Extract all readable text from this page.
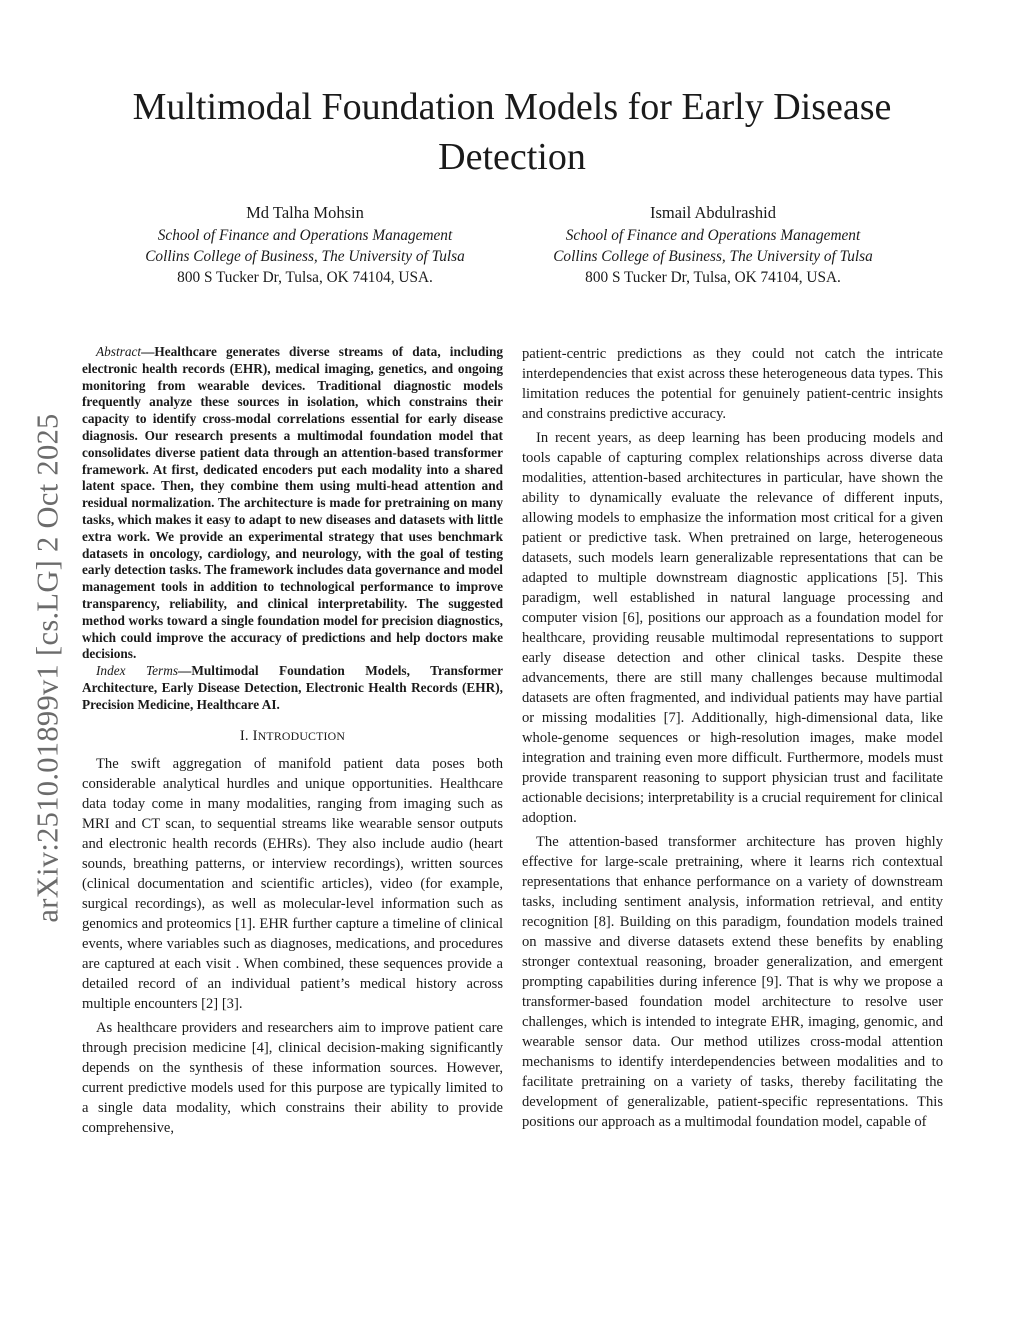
Multimodal Foundation Models for Early Disease Detection
Md Talha Mohsin
School of Finance and Operations Management
Collins College of Business, The University of Tulsa
800 S Tucker Dr, Tulsa, OK 74104, USA.
Ismail Abdulrashid
School of Finance and Operations Management
Collins College of Business, The University of Tulsa
800 S Tucker Dr, Tulsa, OK 74104, USA.
arXiv:2510.01899v1 [cs.LG] 2 Oct 2025

Abstract—Healthcare generates diverse streams of data, including electronic health records (EHR), medical imaging, genetics, and ongoing monitoring from wearable devices. Traditional diagnostic models frequently analyze these sources in isolation, which constrains their capacity to identify cross-modal correlations essential for early disease diagnosis. Our research presents a multimodal foundation model that consolidates diverse patient data through an attention-based transformer framework. At first, dedicated encoders put each modality into a shared latent space. Then, they combine them using multi-head attention and residual normalization. The architecture is made for pretraining on many tasks, which makes it easy to adapt to new diseases and datasets with little extra work. We provide an experimental strategy that uses benchmark datasets in oncology, cardiology, and neurology, with the goal of testing early detection tasks. The framework includes data governance and model management tools in addition to technological performance to improve transparency, reliability, and clinical interpretability. The suggested method works toward a single foundation model for precision diagnostics, which could improve the accuracy of predictions and help doctors make decisions.

Index Terms—Multimodal Foundation Models, Transformer Architecture, Early Disease Detection, Electronic Health Records (EHR), Precision Medicine, Healthcare AI.

I. INTRODUCTION

The swift aggregation of manifold patient data poses both considerable analytical hurdles and unique opportunities. Healthcare data today come in many modalities, ranging from imaging such as MRI and CT scan, to sequential streams like wearable sensor outputs and electronic health records (EHRs). They also include audio (heart sounds, breathing patterns, or interview recordings), written sources (clinical documentation and scientific articles), video (for example, surgical recordings), as well as molecular-level information such as genomics and proteomics [1]. EHR further capture a timeline of clinical events, where variables such as diagnoses, medications, and procedures are captured at each visit . When combined, these sequences provide a detailed record of an individual patient’s medical history across multiple encounters [2] [3].

As healthcare providers and researchers aim to improve patient care through precision medicine [4], clinical decision-making significantly depends on the synthesis of these information sources. However, current predictive models used for this purpose are typically limited to a single data modality, which constrains their ability to provide comprehensive,

patient-centric predictions as they could not catch the intricate interdependencies that exist across these heterogeneous data types. This limitation reduces the potential for genuinely patient-centric insights and constrains predictive accuracy.

In recent years, as deep learning has been producing models and tools capable of capturing complex relationships across diverse data modalities, attention-based architectures in particular, have shown the ability to dynamically evaluate the relevance of different inputs, allowing models to emphasize the information most critical for a given patient or predictive task. When pretrained on large, heterogeneous datasets, such models learn generalizable representations that can be adapted to multiple downstream diagnostic applications [5]. This paradigm, well established in natural language processing and computer vision [6], positions our approach as a foundation model for healthcare, providing reusable multimodal representations to support early disease detection and other clinical tasks. Despite these advancements, there are still many challenges because multimodal datasets are often fragmented, and individual patients may have partial or missing modalities [7]. Additionally, high-dimensional data, like whole-genome sequences or high-resolution images, make model integration and training even more difficult. Furthermore, models must provide transparent reasoning to support physician trust and facilitate actionable decisions; interpretability is a crucial requirement for clinical adoption.

The attention-based transformer architecture has proven highly effective for large-scale pretraining, where it learns rich contextual representations that enhance performance on a variety of downstream tasks, including sentiment analysis, information retrieval, and entity recognition [8]. Building on this paradigm, foundation models trained on massive and diverse datasets extend these benefits by enabling stronger contextual reasoning, broader generalization, and emergent prompting capabilities during inference [9]. That is why we propose a transformer-based foundation model architecture to resolve user challenges, which is intended to integrate EHR, imaging, genomic, and wearable sensor data. Our method utilizes cross-modal attention mechanisms to identify interdependencies between modalities and to facilitate pretraining on a variety of tasks, thereby facilitating the development of generalizable, patient-specific representations. This positions our approach as a multimodal foundation model, capable of
